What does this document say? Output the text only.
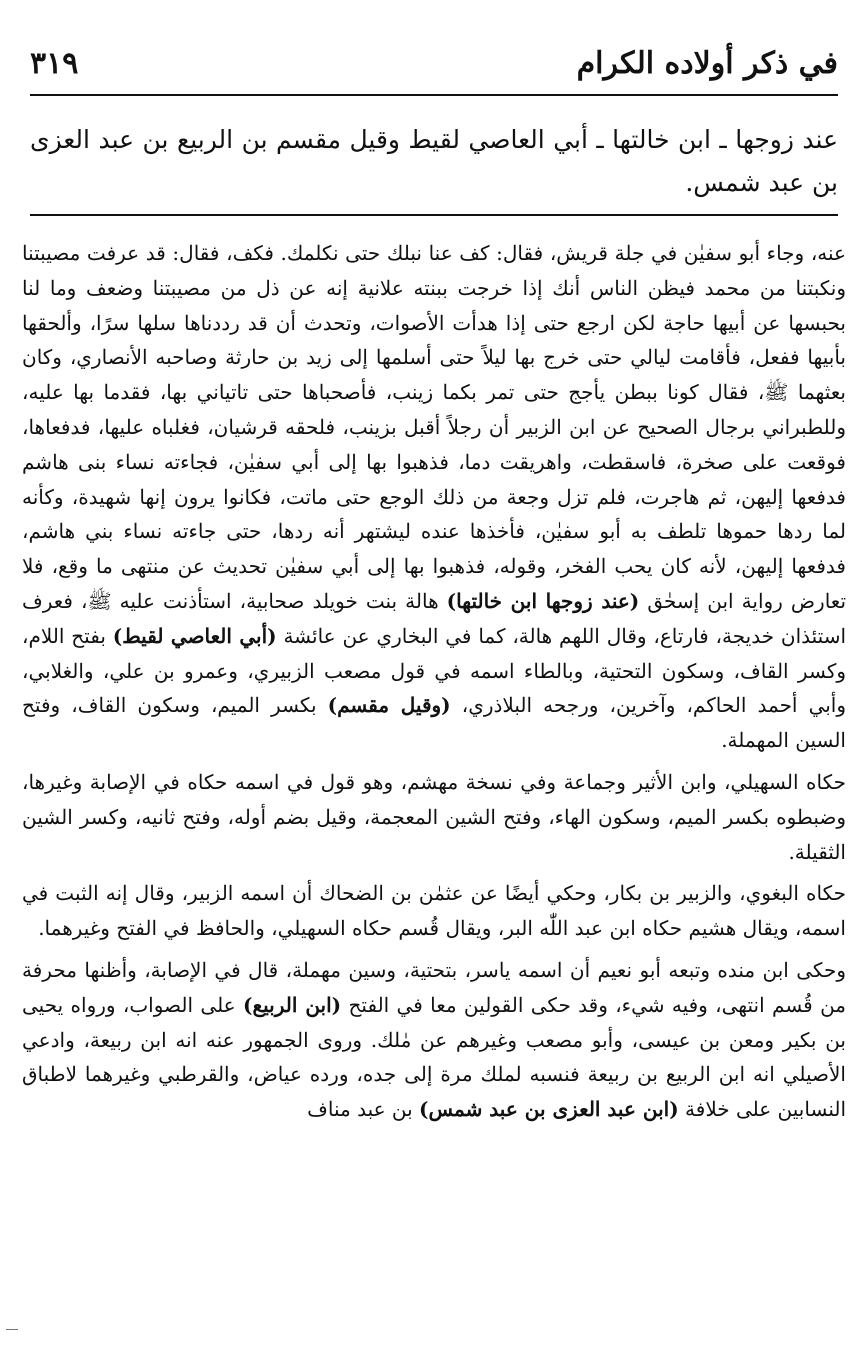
في ذكر أولاده الكرام
٣١٩
عند زوجها ـ ابن خالتها ـ أبي العاصي لقيط وقيل مقسم بن الربيع بن عبد العزى بن عبد شمس.

عنه، وجاء أبو سفيٰن في جلة قريش، فقال: كف عنا نبلك حتى نكلمك. فكف، فقال: قد عرفت مصيبتنا ونكبتنا من محمد فيظن الناس أنك إذا خرجت ببنته علانية إنه عن ذل من مصيبتنا وضعف وما لنا بحبسها عن أبيها حاجة لكن ارجع حتى إذا هدأت الأصوات، وتحدث أن قد رددناها سلها سرًا، وألحقها بأبيها ففعل، فأقامت ليالي حتى خرج بها ليلاً حتى أسلمها إلى زيد بن حارثة وصاحبه الأنصاري، وكان بعثهما ﷺ، فقال كونا ببطن يأجج حتى تمر بكما زينب، فأصحباها حتى تاتياني بها، فقدما بها عليه، وللطبراني برجال الصحيح عن ابن الزبير أن رجلاً أقبل بزينب، فلحقه قرشيان، فغلباه عليها، فدفعاها، فوقعت على صخرة، فاسقطت، واهريقت دما، فذهبوا بها إلى أبي سفيٰن، فجاءته نساء بنى هاشم فدفعها إليهن، ثم هاجرت، فلم تزل وجعة من ذلك الوجع حتى ماتت، فكانوا يرون إنها شهيدة، وكأنه لما ردها حموها تلطف به أبو سفيٰن، فأخذها عنده ليشتهر أنه ردها، حتى جاءته نساء بني هاشم، فدفعها إليهن، لأنه كان يحب الفخر، وقوله، فذهبوا بها إلى أبي سفيٰن تحديث عن منتهى ما وقع، فلا تعارض رواية ابن إسحٰق (عند زوجها ابن خالتها) هالة بنت خويلد صحابية، استأذنت عليه ﷺ، فعرف استئذان خديجة، فارتاع، وقال اللهم هالة، كما في البخاري عن عائشة (أبي العاصي لقيط) بفتح اللام، وكسر القاف، وسكون التحتية، وبالطاء اسمه في قول مصعب الزبيري، وعمرو بن علي، والغلابي، وأبي أحمد الحاكم، وآخرين، ورجحه البلاذري، (وقيل مقسم) بكسر الميم، وسكون القاف، وفتح السين المهملة.

حكاه السهيلي، وابن الأثير وجماعة وفي نسخة مهشم، وهو قول في اسمه حكاه في الإصابة وغيرها، وضبطوه بكسر الميم، وسكون الهاء، وفتح الشين المعجمة، وقيل بضم أوله، وفتح ثانيه، وكسر الشين الثقيلة.

حكاه البغوي، والزبير بن بكار، وحكي أيضًا عن عثمٰن بن الضحاك أن اسمه الزبير، وقال إنه الثبت في اسمه، ويقال هشيم حكاه ابن عبد اللّٰه البر، ويقال قُسم حكاه السهيلي، والحافظ في الفتح وغيرهما.

وحكى ابن منده وتبعه أبو نعيم أن اسمه ياسر، بتحتية، وسين مهملة، قال في الإصابة، وأظنها محرفة من قُسم انتهى، وفيه شيء، وقد حكى القولين معا في الفتح (ابن الربيع) على الصواب، ورواه يحيى بن بكير ومعن بن عيسى، وأبو مصعب وغيرهم عن مٰلك. وروى الجمهور عنه انه ابن ربيعة، وادعي الأصيلي انه ابن الربيع بن ربيعة فنسبه لملك مرة إلى جده، ورده عياض، والقرطبي وغيرهما لاطباق النسابين على خلافة (ابن عبد العزى بن عبد شمس) بن عبد مناف
